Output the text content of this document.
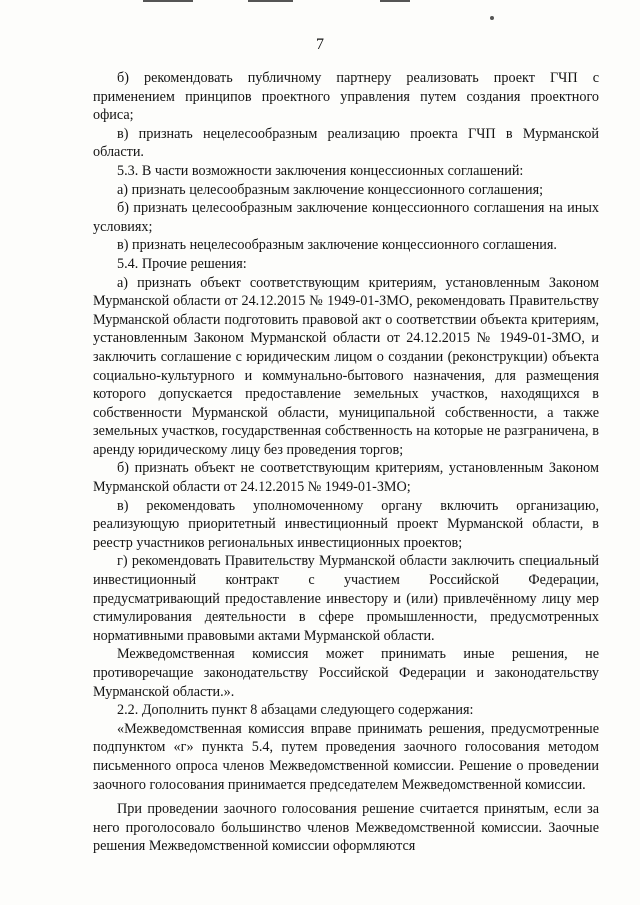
7

б) рекомендовать публичному партнеру реализовать проект ГЧП с применением принципов проектного управления путем создания проектного офиса;

в) признать нецелесообразным реализацию проекта ГЧП в Мурманской области.

5.3. В части возможности заключения концессионных соглашений:

а) признать целесообразным заключение концессионного соглашения;

б) признать целесообразным заключение концессионного соглашения на иных условиях;

в) признать нецелесообразным заключение концессионного соглашения.

5.4. Прочие решения:

а) признать объект соответствующим критериям, установленным Законом Мурманской области от 24.12.2015 № 1949-01-ЗМО, рекомендовать Правительству Мурманской области подготовить правовой акт о соответствии объекта критериям, установленным Законом Мурманской области от 24.12.2015 № 1949-01-ЗМО, и заключить соглашение с юридическим лицом о создании (реконструкции) объекта социально-культурного и коммунально-бытового назначения, для размещения которого допускается предоставление земельных участков, находящихся в собственности Мурманской области, муниципальной собственности, а также земельных участков, государственная собственность на которые не разграничена, в аренду юридическому лицу без проведения торгов;

б) признать объект не соответствующим критериям, установленным Законом Мурманской области от 24.12.2015 № 1949-01-ЗМО;

в) рекомендовать уполномоченному органу включить организацию, реализующую приоритетный инвестиционный проект Мурманской области, в реестр участников региональных инвестиционных проектов;

г) рекомендовать Правительству Мурманской области заключить специальный инвестиционный контракт с участием Российской Федерации, предусматривающий предоставление инвестору и (или) привлечённому лицу мер стимулирования деятельности в сфере промышленности, предусмотренных нормативными правовыми актами Мурманской области.

Межведомственная комиссия может принимать иные решения, не противоречащие законодательству Российской Федерации и законодательству Мурманской области.».

2.2. Дополнить пункт 8 абзацами следующего содержания:

«Межведомственная комиссия вправе принимать решения, предусмотренные подпунктом «г» пункта 5.4, путем проведения заочного голосования методом письменного опроса членов Межведомственной комиссии. Решение о проведении заочного голосования принимается председателем Межведомственной комиссии.

При проведении заочного голосования решение считается принятым, если за него проголосовало большинство членов Межведомственной комиссии. Заочные решения Межведомственной комиссии оформляются
